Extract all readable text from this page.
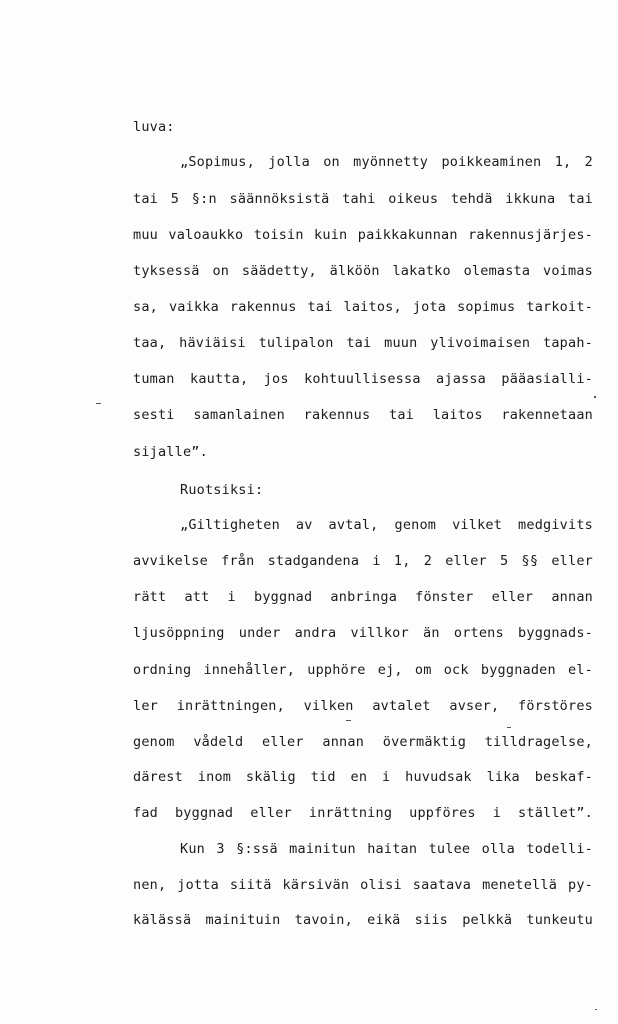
luva:
„Sopimus, jolla on myönnetty poikkeaminen 1, 2
tai 5 §:n säännöksistä tahi oikeus tehdä ikkuna tai
muu valoaukko toisin kuin paikkakunnan rakennusjärjes-
tyksessä on säädetty, älköön lakatko olemasta voimas
sa, vaikka rakennus tai laitos, jota sopimus tarkoit-
taa, häviäisi tulipalon tai muun ylivoimaisen tapah-
tuman kautta, jos kohtuullisessa ajassa pääasialli-
sesti samanlainen rakennus tai laitos rakennetaan
sijalle”.
Ruotsiksi:
„Giltigheten av avtal, genom vilket medgivits
avvikelse från stadgandena i 1, 2 eller 5 §§ eller
rätt att i byggnad anbringa fönster eller annan
ljusöppning under andra villkor än ortens byggnads-
ordning innehåller, upphöre ej, om ock byggnaden el-
ler inrättningen, vilken avtalet avser, förstöres
genom vådeld eller annan övermäktig tilldragelse,
därest inom skälig tid en i huvudsak lika beskaf-
fad byggnad eller inrättning uppföres i stället”.
Kun 3 §:ssä mainitun haitan tulee olla todelli-
nen, jotta siitä kärsivän olisi saatava menetellä py-
kälässä mainituin tavoin, eikä siis pelkkä tunkeutu
